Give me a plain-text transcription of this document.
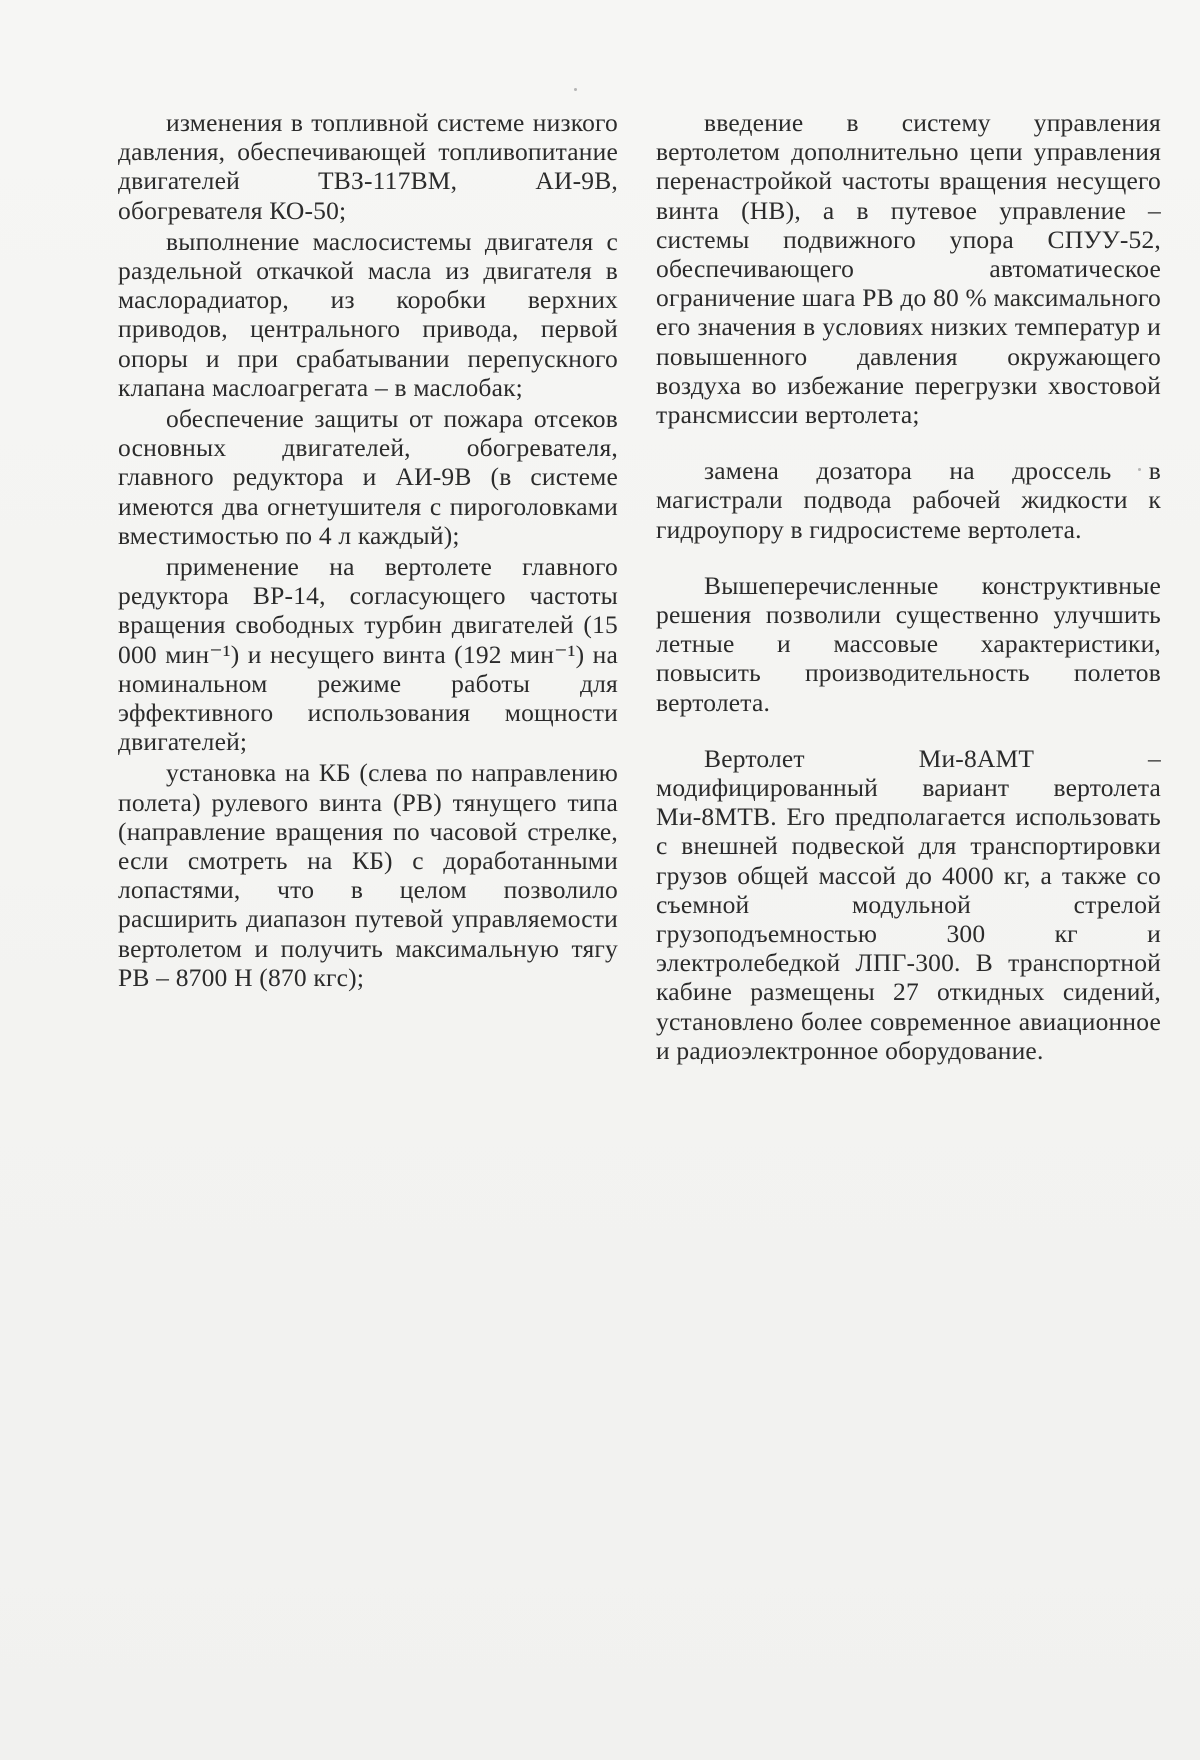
изменения в топливной системе низкого давления, обеспечивающей топливопитание двигателей ТВЗ-117ВМ, АИ-9В, обогревателя КО-50;

выполнение маслосистемы двигателя с раздельной откачкой масла из двигателя в маслорадиатор, из коробки верхних приводов, центрального привода, первой опоры и при срабатывании перепускного клапана маслоагрегата – в маслобак;

обеспечение защиты от пожара отсеков основных двигателей, обогревателя, главного редуктора и АИ-9В (в системе имеются два огнетушителя с пироголовками вместимостью по 4 л каждый);

применение на вертолете главного редуктора ВР-14, согласующего частоты вращения свободных турбин двигателей (15 000 мин⁻¹) и несущего винта (192 мин⁻¹) на номинальном режиме работы для эффективного использования мощности двигателей;

установка на КБ (слева по направлению полета) рулевого винта (РВ) тянущего типа (направление вращения по часовой стрелке, если смотреть на КБ) с доработанными лопастями, что в целом позволило расширить диапазон путевой управляемости вертолетом и получить максимальную тягу РВ – 8700 Н (870 кгс);

введение в систему управления вертолетом дополнительно цепи управления перенастройкой частоты вращения несущего винта (НВ), а в путевое управление – системы подвижного упора СПУУ-52, обеспечивающего автоматическое ограничение шага РВ до 80 % максимального его значения в условиях низких температур и повышенного давления окружающего воздуха во избежание перегрузки хвостовой трансмиссии вертолета;

замена дозатора на дроссель в магистрали подвода рабочей жидкости к гидроупору в гидросистеме вертолета.

Вышеперечисленные конструктивные решения позволили существенно улучшить летные и массовые характеристики, повысить производительность полетов вертолета.

Вертолет Ми-8АМТ – модифицированный вариант вертолета Ми-8МТВ. Его предполагается использовать с внешней подвеской для транспортировки грузов общей массой до 4000 кг, а также со съемной модульной стрелой грузоподъемностью 300 кг и электролебедкой ЛПГ-300. В транспортной кабине размещены 27 откидных сидений, установлено более современное авиационное и радиоэлектронное оборудование.
